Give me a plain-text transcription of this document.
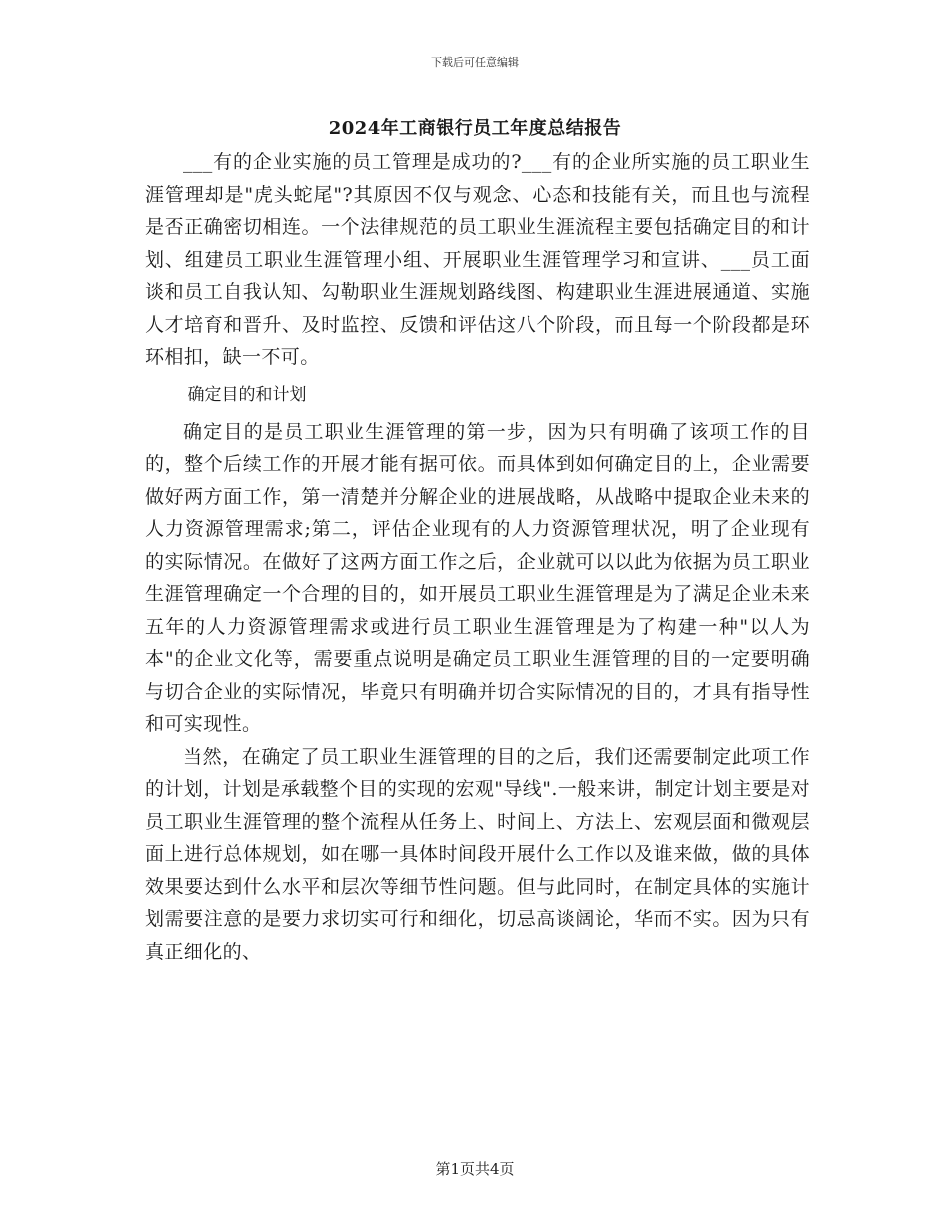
下载后可任意编辑
2024年工商银行员工年度总结报告

___有的企业实施的员工管理是成功的?___有的企业所实施的员工职业生涯管理却是"虎头蛇尾"?其原因不仅与观念、心态和技能有关，而且也与流程是否正确密切相连。一个法律规范的员工职业生涯流程主要包括确定目的和计划、组建员工职业生涯管理小组、开展职业生涯管理学习和宣讲、___员工面谈和员工自我认知、勾勒职业生涯规划路线图、构建职业生涯进展通道、实施人才培育和晋升、及时监控、反馈和评估这八个阶段，而且每一个阶段都是环环相扣，缺一不可。

确定目的和计划

确定目的是员工职业生涯管理的第一步，因为只有明确了该项工作的目的，整个后续工作的开展才能有据可依。而具体到如何确定目的上，企业需要做好两方面工作，第一清楚并分解企业的进展战略，从战略中提取企业未来的人力资源管理需求;第二，评估企业现有的人力资源管理状况，明了企业现有的实际情况。在做好了这两方面工作之后，企业就可以以此为依据为员工职业生涯管理确定一个合理的目的，如开展员工职业生涯管理是为了满足企业未来五年的人力资源管理需求或进行员工职业生涯管理是为了构建一种"以人为本"的企业文化等，需要重点说明是确定员工职业生涯管理的目的一定要明确与切合企业的实际情况，毕竟只有明确并切合实际情况的目的，才具有指导性和可实现性。

当然，在确定了员工职业生涯管理的目的之后，我们还需要制定此项工作的计划，计划是承载整个目的实现的宏观"导线".一般来讲，制定计划主要是对员工职业生涯管理的整个流程从任务上、时间上、方法上、宏观层面和微观层面上进行总体规划，如在哪一具体时间段开展什么工作以及谁来做，做的具体效果要达到什么水平和层次等细节性问题。但与此同时，在制定具体的实施计划需要注意的是要力求切实可行和细化，切忌高谈阔论，华而不实。因为只有真正细化的、

第1页共4页
